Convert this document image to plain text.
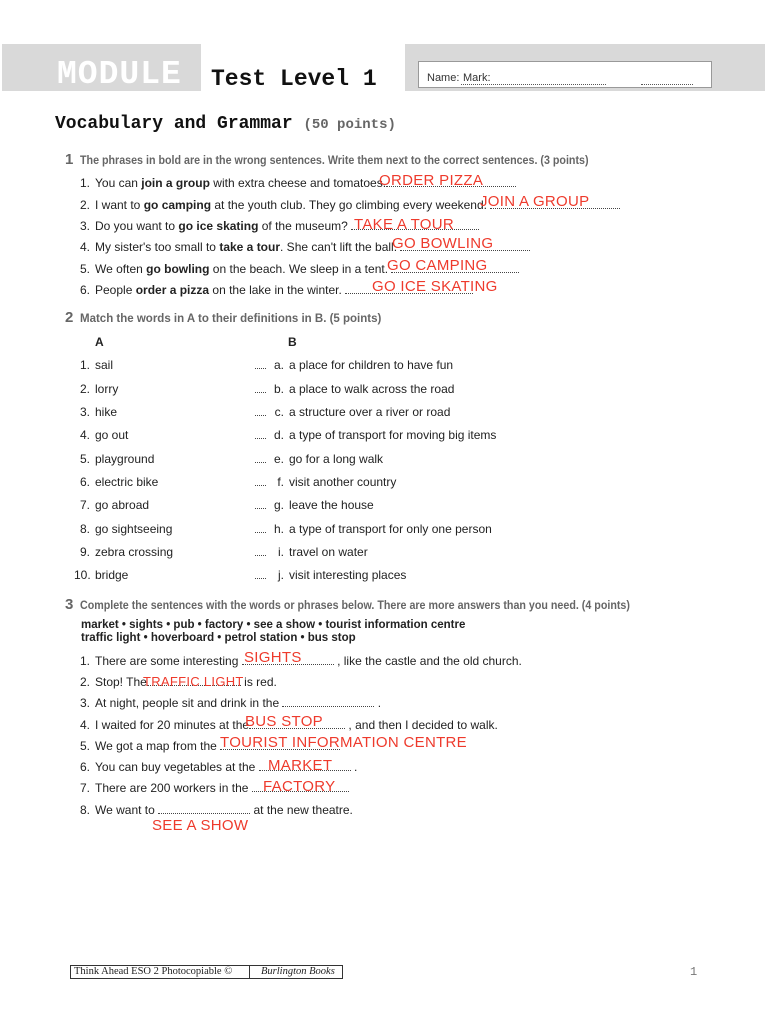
MODULE 1
Test Level 1	Name: Mark:
Vocabulary and Grammar (50 points)
1 The phrases in bold are in the wrong sentences. Write them next to the correct sentences. (3 points)
1. You can join a group with extra cheese and tomatoes.
2. I want to go camping at the youth club. They go climbing every weekend.
3. Do you want to go ice skating of the museum?
4. My sister's too small to take a tour. She can't lift the ball.
5. We often go bowling on the beach. We sleep in a tent.
6. People order a pizza on the lake in the winter.
ORDER PIZZA
JOIN A GROUP
TAKE A TOUR
GO BOWLING
GO CAMPING
GO ICE SKATING
2 Match the words in A to their definitions in B. (5 points)
A	B
1. sail	a. a place for children to have fun
2. lorry	b. a place to walk across the road
3. hike	c. a structure over a river or road
4. go out	d. a type of transport for moving big items
5. playground	e. go for a long walk
6. electric bike	f. visit another country
7. go abroad	g. leave the house
8. go sightseeing	h. a type of transport for only one person
9. zebra crossing	i. travel on water
10. bridge	j. visit interesting places
3 Complete the sentences with the words or phrases below. There are more answers than you need. (4 points)
market • sights • pub • factory • see a show • tourist information centre
traffic light • hoverboard • petrol station • bus stop
1. There are some interesting	, like the castle and the old church.
2. Stop! The	is red.
3. At night, people sit and drink in the	.
4. I waited for 20 minutes at the	, and then I decided to walk.
5. We got a map from the
6. You can buy vegetables at the	.
7. There are 200 workers in the
8. We want to	at the new theatre.
SIGHTS
TRAFFIC LIGHT
BUS STOP
TOURIST INFORMATION CENTRE
MARKET
FACTORY
SEE A SHOW
Think Ahead ESO 2 Photocopiable ©	Burlington Books	1
